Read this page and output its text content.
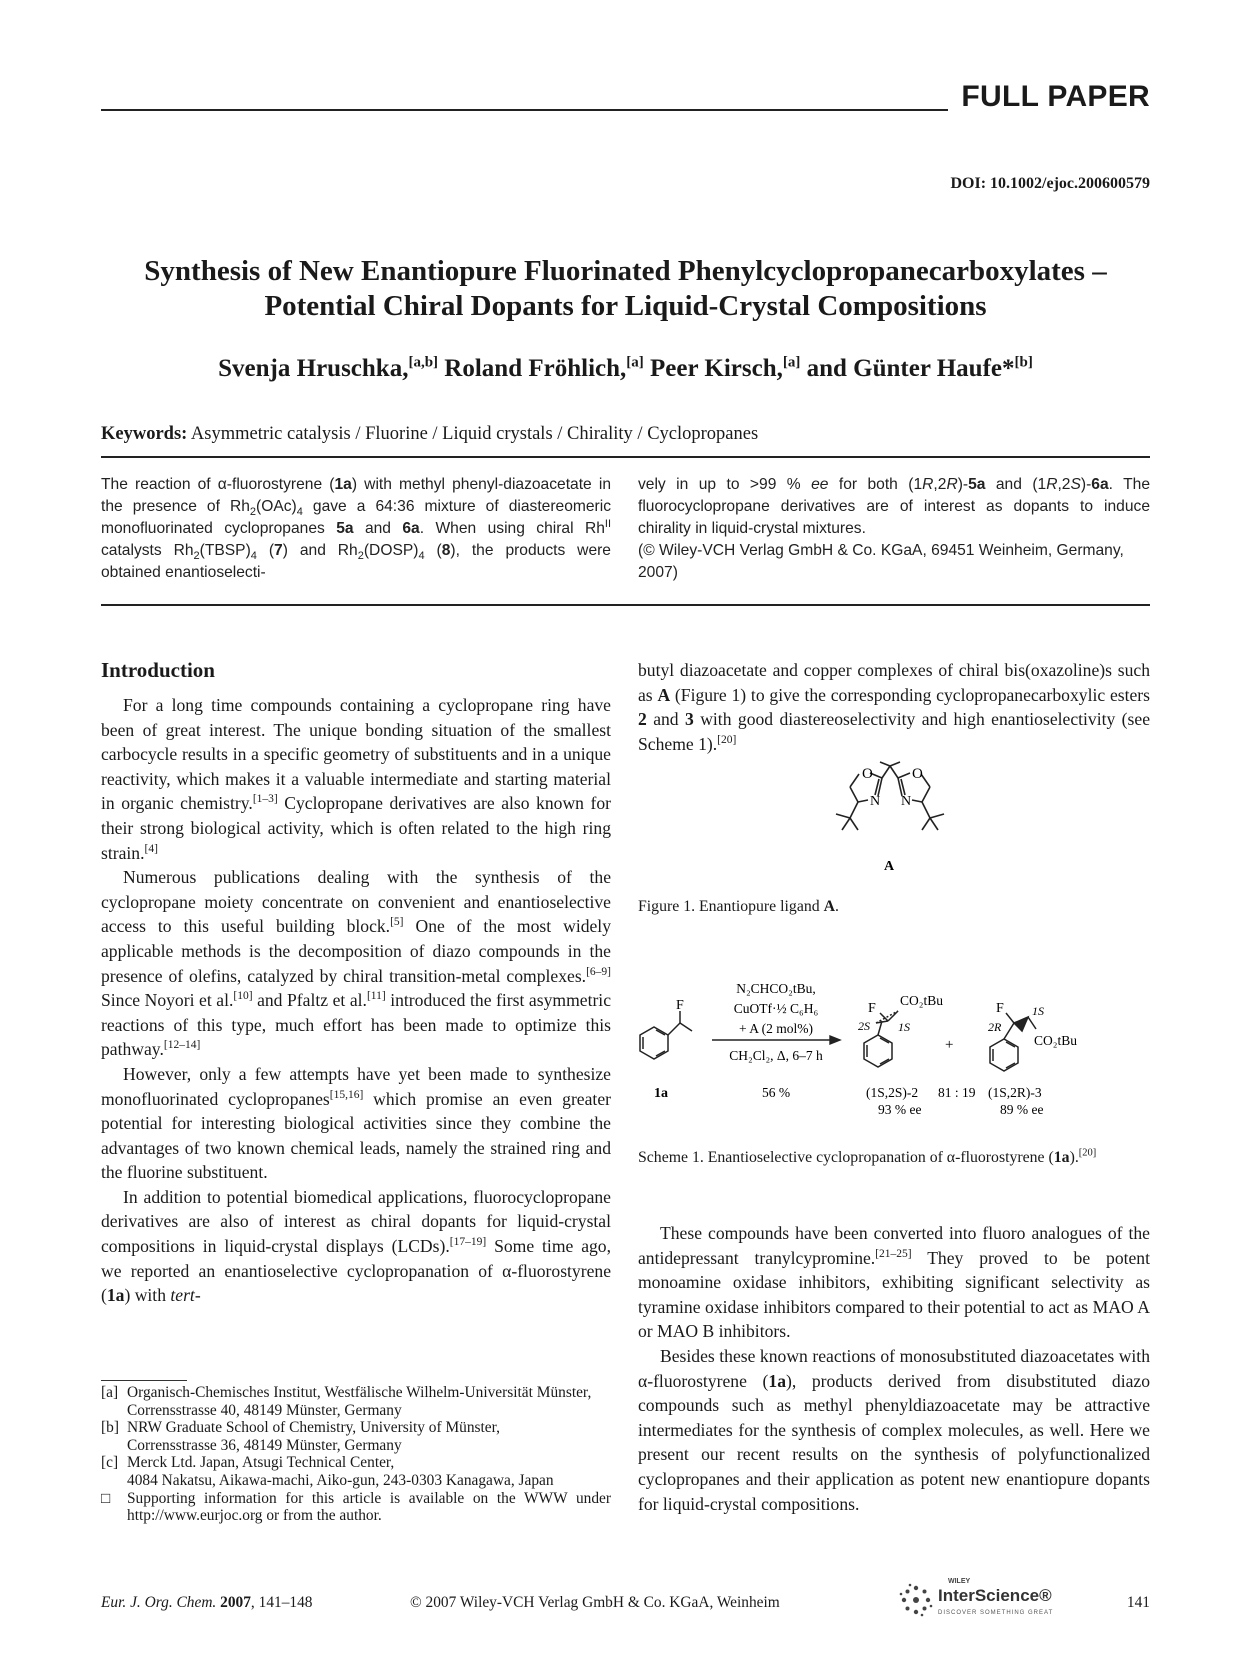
FULL PAPER
DOI: 10.1002/ejoc.200600579
Synthesis of New Enantiopure Fluorinated Phenylcyclopropanecarboxylates –
Potential Chiral Dopants for Liquid-Crystal Compositions
Svenja Hruschka,[a,b] Roland Fröhlich,[a] Peer Kirsch,[a] and Günter Haufe*[b]
Keywords: Asymmetric catalysis / Fluorine / Liquid crystals / Chirality / Cyclopropanes

The reaction of α-fluorostyrene (1a) with methyl phenyl-diazoacetate in the presence of $Rh_2(OAc)_4$ gave a 64:36 mixture of diastereomeric monofluorinated cyclopropanes 5a and 6a. When using chiral $Rh^{II}$ catalysts $Rh_2(TBSP)_4$ (7) and $Rh_2(DOSP)_4$ (8), the products were obtained enantioselecti-

vely in up to >99 % ee for both (1R,2R)-5a and (1R,2S)-6a. The fluorocyclopropane derivatives are of interest as dopants to induce chirality in liquid-crystal mixtures.

(© Wiley-VCH Verlag GmbH & Co. KGaA, 69451 Weinheim, Germany, 2007)

Introduction

For a long time compounds containing a cyclopropane ring have been of great interest. The unique bonding situation of the smallest carbocycle results in a specific geometry of substituents and in a unique reactivity, which makes it a valuable intermediate and starting material in organic chemistry.[1–3] Cyclopropane derivatives are also known for their strong biological activity, which is often related to the high ring strain.[4]

Numerous publications dealing with the synthesis of the cyclopropane moiety concentrate on convenient and enantioselective access to this useful building block.[5] One of the most widely applicable methods is the decomposition of diazo compounds in the presence of olefins, catalyzed by chiral transition-metal complexes.[6–9] Since Noyori et al.[10] and Pfaltz et al.[11] introduced the first asymmetric reactions of this type, much effort has been made to optimize this pathway.[12–14]

However, only a few attempts have yet been made to synthesize monofluorinated cyclopropanes[15,16] which promise an even greater potential for interesting biological activities since they combine the advantages of two known chemical leads, namely the strained ring and the fluorine substituent.

In addition to potential biomedical applications, fluorocyclopropane derivatives are also of interest as chiral dopants for liquid-crystal compositions in liquid-crystal displays (LCDs).[17–19] Some time ago, we reported an enantioselective cyclopropanation of α-fluorostyrene (1a) with tert-

[a] Organisch-Chemisches Institut, Westfälische Wilhelm-Universität Münster,
Corrensstrasse 40, 48149 Münster, Germany
[b] NRW Graduate School of Chemistry, University of Münster,
Corrensstrasse 36, 48149 Münster, Germany
[c] Merck Ltd. Japan, Atsugi Technical Center,
4084 Nakatsu, Aikawa-machi, Aiko-gun, 243-0303 Kanagawa, Japan
□	Supporting information for this article is available on the WWW under http://www.eurjoc.org or from the author.

butyl diazoacetate and copper complexes of chiral bis(oxazoline)s such as A (Figure 1) to give the corresponding cyclopropanecarboxylic esters 2 and 3 with good diastereoselectivity and high enantioselectivity (see Scheme 1).[20]

O	O
N N
A
Figure 1. Enantiopure ligand A.
F
1a
N₂CHCO₂tBu,
CuOTf·½ C₆H₆
+ A (2 mol%)
CH₂Cl₂, Δ, 6–7 h
56 %
F
CO₂tBu
2S 1S
(1S,2S)-2
93 % ee
+
81 : 19
F
2R
1S
CO₂tBu
(1S,2R)-3
89 % ee
Scheme 1. Enantioselective cyclopropanation of α-fluorostyrene (1a).[20]

These compounds have been converted into fluoro analogues of the antidepressant tranylcypromine.[21–25] They proved to be potent monoamine oxidase inhibitors, exhibiting significant selectivity as tyramine oxidase inhibitors compared to their potential to act as MAO A or MAO B inhibitors.

Besides these known reactions of monosubstituted diazoacetates with α-fluorostyrene (1a), products derived from disubstituted diazo compounds such as methyl phenyldiazoacetate may be attractive intermediates for the synthesis of complex molecules, as well. Here we present our recent results on the synthesis of polyfunctionalized cyclopropanes and their application as potent new enantiopure dopants for liquid-crystal compositions.

Eur. J. Org. Chem. 2007, 141–148	© 2007 Wiley-VCH Verlag GmbH & Co. KGaA, Weinheim
WILEY
InterScience®
DISCOVER SOMETHING GREAT
141
